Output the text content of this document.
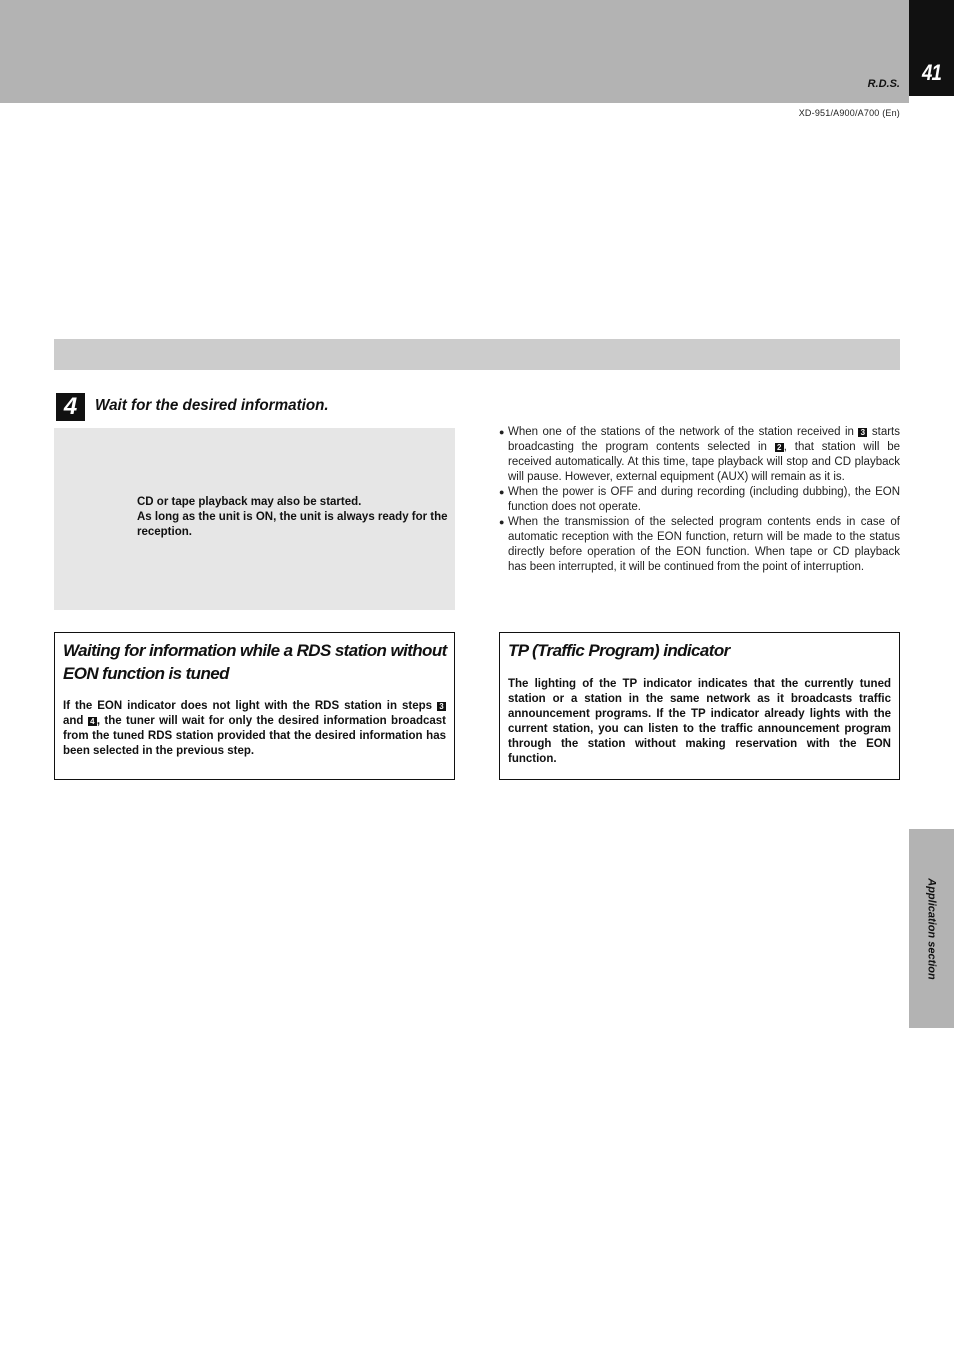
41
R.D.S.
XD-951/A900/A700 (En)
4	Wait for the desired information.
CD or tape playback may also be started.
As long as the unit is ON, the unit is always ready for the reception.
● When one of the stations of the network of the station received in 3 starts broadcasting the program contents selected in 2 , that station will be received automatically. At this time, tape playback will stop and CD playback will pause. However, external equipment (AUX) will remain as it is.
● When the power is OFF and during recording (including dubbing), the EON function does not operate.
● When the transmission of the selected program contents ends in case of automatic reception with the EON function, return will be made to the status directly before operation of the EON function. When tape or CD playback has been interrupted, it will be continued from the point of interruption.
Waiting for information while a RDS station without EON function is tuned
If the EON indicator does not light with the RDS station in steps 3 and 4 , the tuner will wait for only the desired information broadcast from the tuned RDS station provided that the desired information has been selected in the previous step.
TP (Traffic Program) indicator
The lighting of the TP indicator indicates that the currently tuned station or a station in the same network as it broadcasts traffic announcement programs. If the TP indicator already lights with the current station, you can listen to the traffic announcement program through the station without making reservation with the EON function.
Application section
